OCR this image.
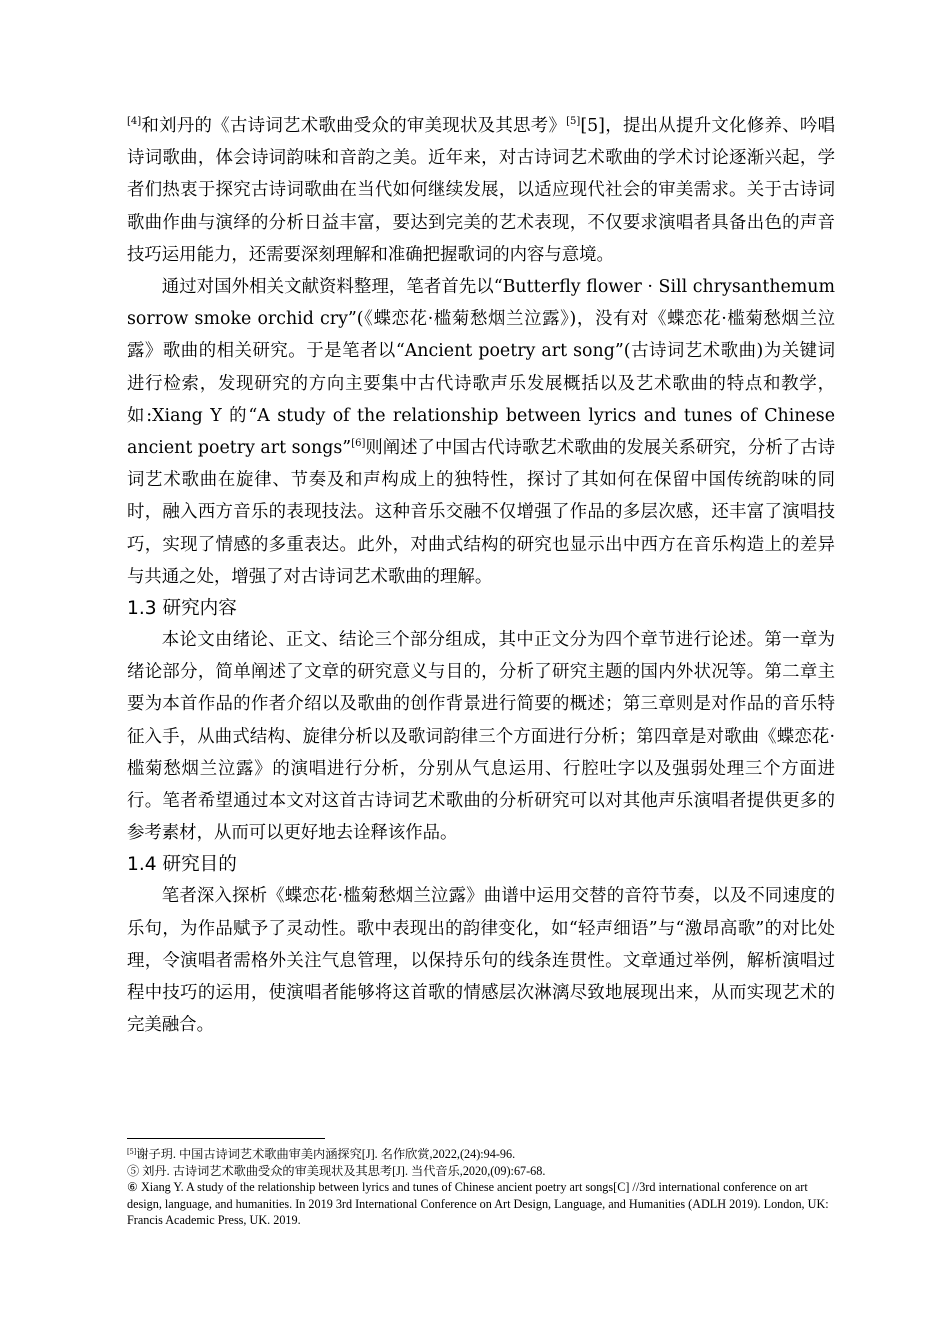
[4]和刘丹的《古诗词艺术歌曲受众的审美现状及其思考》[5][5]，提出从提升文化修养、吟唱诗词歌曲，体会诗词韵味和音韵之美。近年来，对古诗词艺术歌曲的学术讨论逐渐兴起，学者们热衷于探究古诗词歌曲在当代如何继续发展，以适应现代社会的审美需求。关于古诗词歌曲作曲与演绎的分析日益丰富，要达到完美的艺术表现，不仅要求演唱者具备出色的声音技巧运用能力，还需要深刻理解和准确把握歌词的内容与意境。

通过对国外相关文献资料整理，笔者首先以“Butterfly flower · Sill chrysanthemum sorrow smoke orchid cry”(《蝶恋花·槛菊愁烟兰泣露》)，没有对《蝶恋花·槛菊愁烟兰泣露》歌曲的相关研究。于是笔者以“Ancient poetry art song”(古诗词艺术歌曲)为关键词进行检索，发现研究的方向主要集中古代诗歌声乐发展概括以及艺术歌曲的特点和教学，如:Xiang Y 的“A study of the relationship between lyrics and tunes of Chinese ancient poetry art songs”[6]则阐述了中国古代诗歌艺术歌曲的发展关系研究，分析了古诗词艺术歌曲在旋律、节奏及和声构成上的独特性，探讨了其如何在保留中国传统韵味的同时，融入西方音乐的表现技法。这种音乐交融不仅增强了作品的多层次感，还丰富了演唱技巧，实现了情感的多重表达。此外，对曲式结构的研究也显示出中西方在音乐构造上的差异与共通之处，增强了对古诗词艺术歌曲的理解。

1.3 研究内容

本论文由绪论、正文、结论三个部分组成，其中正文分为四个章节进行论述。第一章为绪论部分，简单阐述了文章的研究意义与目的，分析了研究主题的国内外状况等。第二章主要为本首作品的作者介绍以及歌曲的创作背景进行简要的概述；第三章则是对作品的音乐特征入手，从曲式结构、旋律分析以及歌词韵律三个方面进行分析；第四章是对歌曲《蝶恋花·槛菊愁烟兰泣露》的演唱进行分析，分别从气息运用、行腔吐字以及强弱处理三个方面进行。笔者希望通过本文对这首古诗词艺术歌曲的分析研究可以对其他声乐演唱者提供更多的参考素材，从而可以更好地去诠释该作品。

1.4 研究目的

笔者深入探析《蝶恋花·槛菊愁烟兰泣露》曲谱中运用交替的音符节奏，以及不同速度的乐句，为作品赋予了灵动性。歌中表现出的韵律变化，如“轻声细语”与“激昂高歌”的对比处理，令演唱者需格外关注气息管理，以保持乐句的线条连贯性。文章通过举例，解析演唱过程中技巧的运用，使演唱者能够将这首歌的情感层次淋漓尽致地展现出来，从而实现艺术的完美融合。

[5]谢子玥. 中国古诗词艺术歌曲审美内涵探究[J]. 名作欣赏,2022,(24):94-96.

⑤ 刘丹. 古诗词艺术歌曲受众的审美现状及其思考[J]. 当代音乐,2020,(09):67-68.

⑥ Xiang Y. A study of the relationship between lyrics and tunes of Chinese ancient poetry art songs[C] //3rd international conference on art design, language, and humanities. In 2019 3rd International Conference on Art Design, Language, and Humanities (ADLH 2019). London, UK: Francis Academic Press, UK. 2019.
